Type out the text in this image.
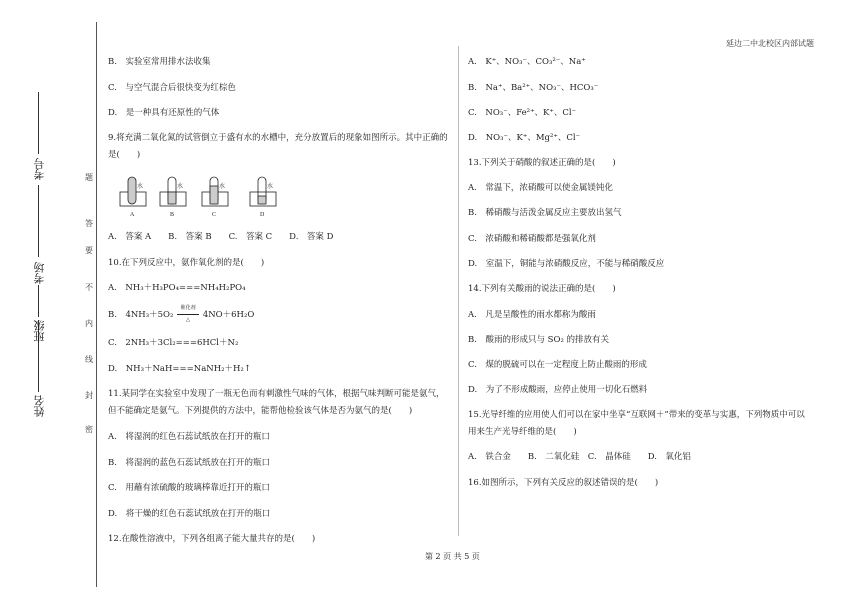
延边二中北校区内部试题
姓名
班级
考场
考号	题
答
要
不
内
线
封
密
B.　实验室常用排水法收集
C.　与空气混合后很快变为红棕色
D.　是一种具有还原性的气体
9.将充满二氧化氮的试管倒立于盛有水的水槽中，充分放置后的现象如图所示。其中正确的
是(　　)
水	水	水	水
A	B	C	D
A.　答案 A　　B.　答案 B　　C.　答案 C　　D.　答案 D
10.在下列反应中，氨作氧化剂的是(　　)
A.　NH₃＋H₃PO₄===NH₄H₂PO₄
B.　4NH₃＋5O₂
催化剂
△	4NO＋6H₂O
C.　2NH₃＋3Cl₂===6HCl＋N₂
D.　NH₃＋NaH===NaNH₂＋H₂↑
11.某同学在实验室中发现了一瓶无色而有刺激性气味的气体，根据气味判断可能是氨气，
但不能确定是氨气。下列提供的方法中，能帮他检验该气体是否为氨气的是(　　)
A.　将湿润的红色石蕊试纸放在打开的瓶口
B.　将湿润的蓝色石蕊试纸放在打开的瓶口
C.　用蘸有浓硫酸的玻璃棒靠近打开的瓶口
D.　将干燥的红色石蕊试纸放在打开的瓶口
12.在酸性溶液中，下列各组离子能大量共存的是(　　)
A.　K⁺、NO₃⁻、CO₃²⁻、Na⁺
B.　Na⁺、Ba²⁺、NO₃⁻、HCO₃⁻
C.　NO₃⁻、Fe²⁺、K⁺、Cl⁻
D.　NO₃⁻、K⁺、Mg²⁺、Cl⁻
13.下列关于硝酸的叙述正确的是(　　)
A.　常温下，浓硝酸可以使金属镁钝化
B.　稀硝酸与活泼金属反应主要放出氢气
C.　浓硝酸和稀硝酸都是强氧化剂
D.　室温下，铜能与浓硝酸反应，不能与稀硝酸反应
14.下列有关酸雨的说法正确的是(　　)
A.　凡是呈酸性的雨水都称为酸雨
B.　酸雨的形成只与 SO₂ 的排放有关
C.　煤的脱硫可以在一定程度上防止酸雨的形成
D.　为了不形成酸雨，应停止使用一切化石燃料
15.光导纤维的应用使人们可以在家中坐享“互联网＋”带来的变革与实惠，下列物质中可以
用来生产光导纤维的是(　　)
A.　铁合金　　B.　二氧化硅　C.　晶体硅　　D.　氧化铝
16.如图所示，下列有关反应的叙述错误的是(　　)
第 2 页 共 5 页
